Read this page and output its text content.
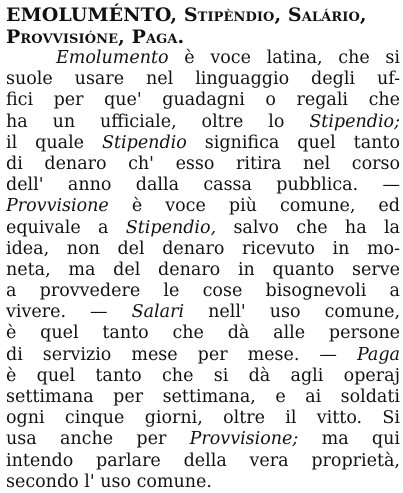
EMOLUMÉNTO, Stipèndio, Salário,
Provvisióne, Paga.
Emolumento è voce latina, che si
suole usare nel linguaggio degli uf-
fici per que' guadagni o regali che
ha un ufficiale, oltre lo Stipendio;
il quale Stipendio significa quel tanto
di denaro ch' esso ritira nel corso
dell' anno dalla cassa pubblica. —
Provvisione è voce più comune, ed
equivale a Stipendio, salvo che ha la
idea, non del denaro ricevuto in mo-
neta, ma del denaro in quanto serve
a provvedere le cose bisognevoli a
vivere. — Salari nell' uso comune,
è quel tanto che dà alle persone
di servizio mese per mese. — Paga
è quel tanto che si dà agli operaj
settimana per settimana, e ai soldati
ogni cinque giorni, oltre il vitto. Si
usa anche per Provvisione; ma qui
intendo parlare della vera proprietà,
secondo l' uso comune.
